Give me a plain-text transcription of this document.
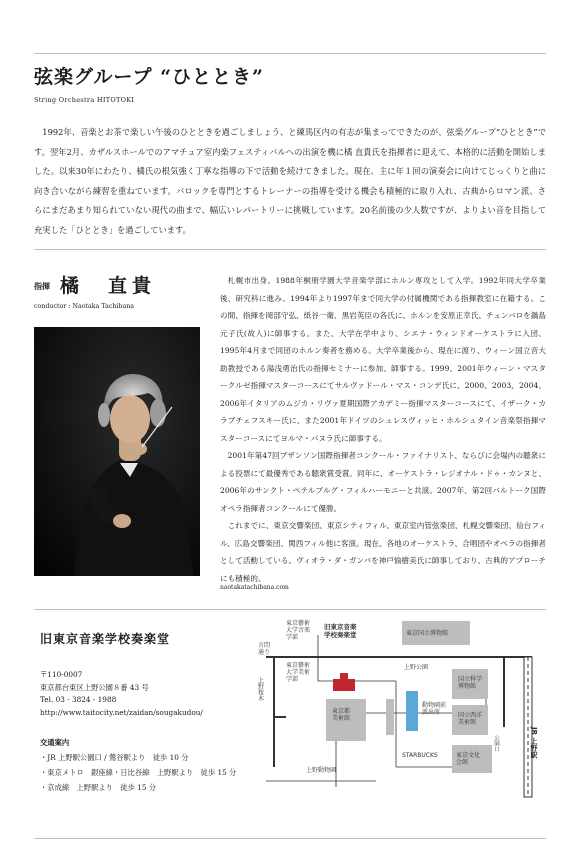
弦楽グループ “ひととき”
String Orchestra HITOTOKI
1992年、音楽とお茶で楽しい午後のひとときを過ごしましょう、と練馬区内の有志が集まってできたのが、弦楽グループ“ひととき”です。翌年2月、カザルスホールでのアマチュア室内楽フェスティバルへの出演を機に橘 直貴氏を指揮者に迎えて、本格的に活動を開始しました。以来30年にわたり、橘氏の根気強く丁寧な指導の下で活動を続けてきました。現在、主に年１回の演奏会に向けてじっくりと曲に向き合いながら練習を重ねています。バロックを専門とするトレーナーの指導を受ける機会も積極的に取り入れ、古典からロマン派、さらにまだあまり知られていない現代の曲まで、幅広いレパートリーに挑戦しています。20名前後の少人数ですが、よりよい音を目指して充実した「ひととき」を過ごしています。
指揮 橘　直貴
conductor : Naotaka Tachibana

札幌市出身。1988年桐朋学園大学音楽学部にホルン専攻として入学。1992年同大学卒業後、研究科に進み、1994年より1997年まで同大学の付属機関である指揮教室に在籍する。この間、指揮を岡部守弘、紙谷一衛、黒岩英臣の各氏に、ホルンを安原正幸氏、チェンバロを鍋島元子氏(故人)に師事する。また、大学在学中より、シエナ・ウィンドオーケストラに入団、1995年4月まで同団のホルン奏者を務める。大学卒業後から、現在に渡り、ウィーン国立音大助教授である湯浅勇治氏の指揮セミナーに参加、師事する。1999、2001年ウィーン・マスタークルゼ指揮マスターコースにてサルヴァドール・マス・コンデ氏に、2000、2003、2004、2006年イタリアのムジカ・リヴァ夏期国際アカデミー指揮マスターコースにて、イザーク・カラブチェフスキー氏に、また2001年ドイツのシュレスヴィッヒ・ホルシュタイン音楽祭指揮マスターコースにてヨルマ・パヌラ氏に師事する。

2001年第47回ブザンソン国際指揮者コンクール・ファイナリスト、ならびに会場内の聴衆による投票にて最優秀である聴衆賞受賞。同年に、オーケストラ・レジオナル・ドゥ・カンヌと、2006年のサンクト・ペテルブルグ・フィルハーモニーと共演。2007年、第2回バルトーク国際オペラ指揮者コンクールにて優勝。

これまでに、東京交響楽団、東京シティフィル、東京室内管弦楽団、札幌交響楽団、仙台フィル、広島交響楽団、関西フィル他に客演。現在、各地のオーケストラ、合唱団やオペラの指揮者として活動している。ヴィオラ・ダ・ガンバを神戸愉樹美氏に師事しており、古典的アプローチにも積極的。

naotakatachibana.com
旧東京音楽学校奏楽堂
〒110-0007
東京都台東区上野公園８番 43 号
Tel. 03 - 3824 - 1988
http://www.taitocity.net/zaidan/sougakudou/
交通案内
・JR 上野駅公園口 / 鶯谷駅より　徒歩 10 分
・東京メトロ　銀座線・日比谷線　上野駅より　徒歩 15 分
・京成線　上野駅より　徒歩 15 分
東京藝術大学音楽学部
旧東京音楽学校奏楽堂	東京国立博物館
東京藝術大学美術学部
上野公園
国立科学博物館
国立西洋美術館
東京都美術館
動物園前派出所
STARBUCKS	東京文化会館
上野動物園
言問通り
上野桜木
公園口	JR 上野駅
